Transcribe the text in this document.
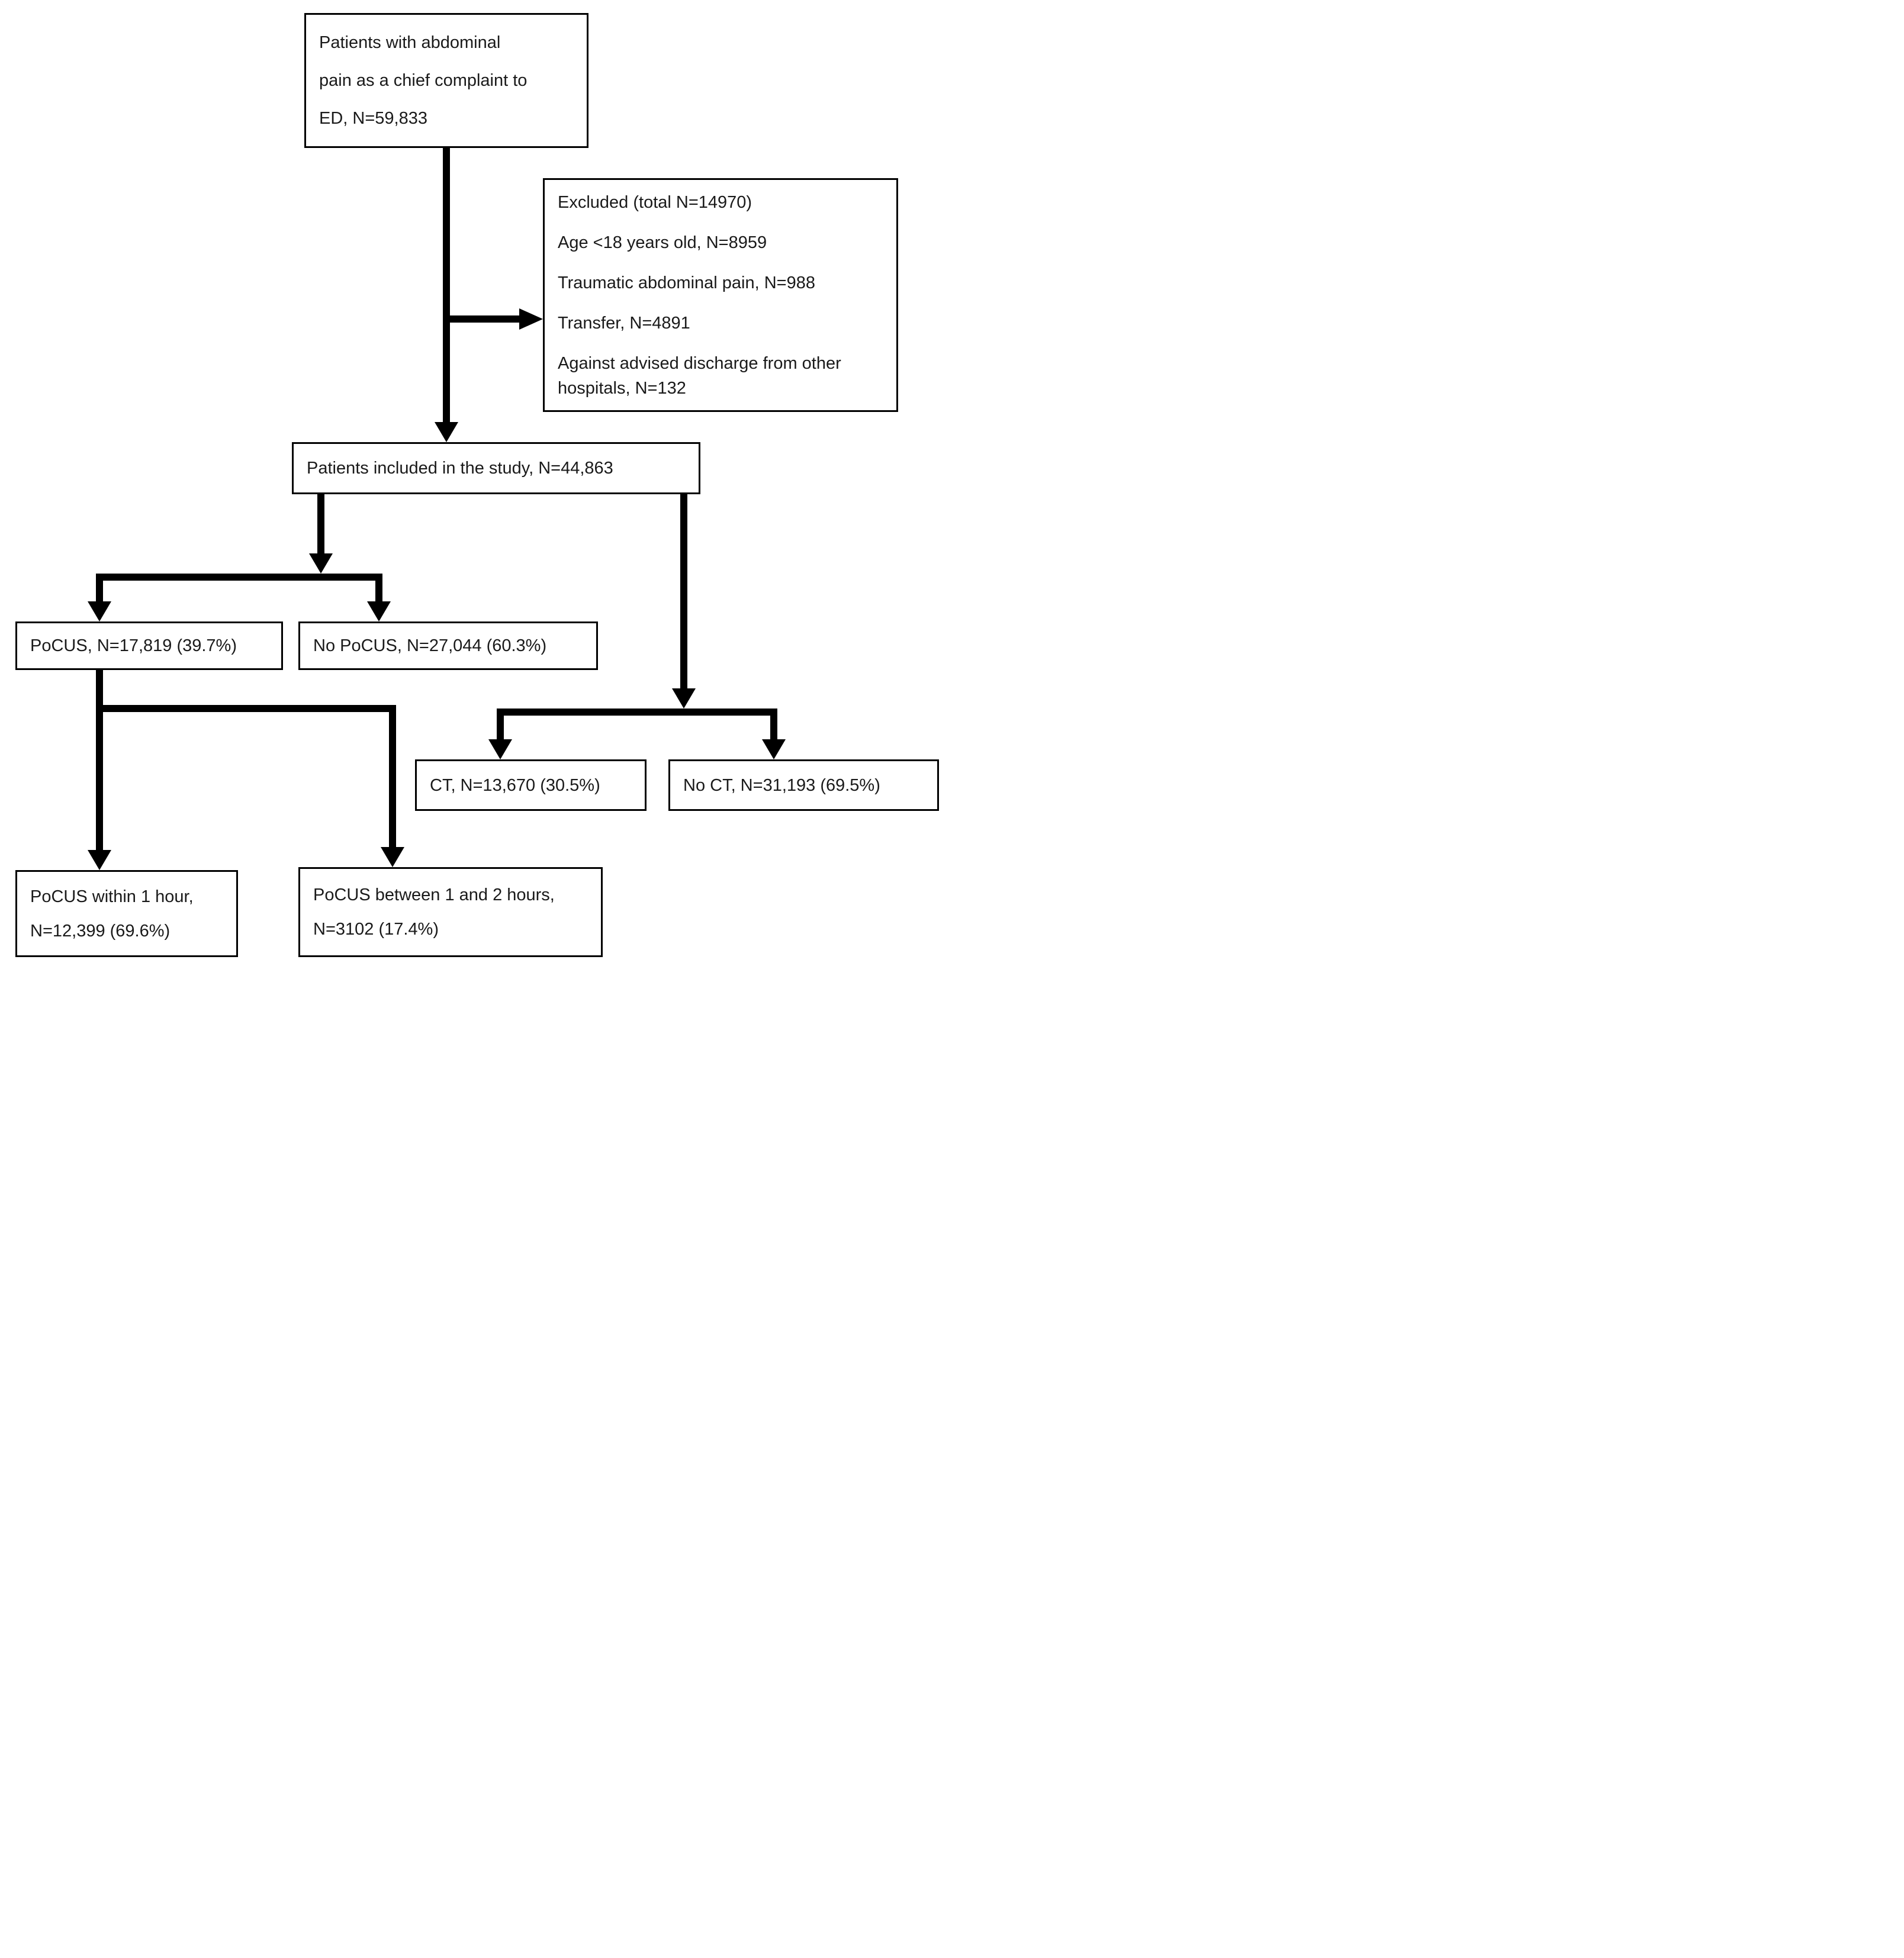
Patients with abdominal
pain as a chief complaint to
ED, N=59,833
Excluded (total N=14970)
Age <18 years old, N=8959
Traumatic abdominal pain, N=988
Transfer, N=4891
Against advised discharge from other hospitals, N=132
Patients included in the study, N=44,863
PoCUS, N=17,819 (39.7%)	No PoCUS, N=27,044 (60.3%)
CT, N=13,670 (30.5%)	No CT, N=31,193 (69.5%)
PoCUS within 1 hour,
N=12,399 (69.6%)
PoCUS between 1 and 2 hours,
N=3102 (17.4%)
